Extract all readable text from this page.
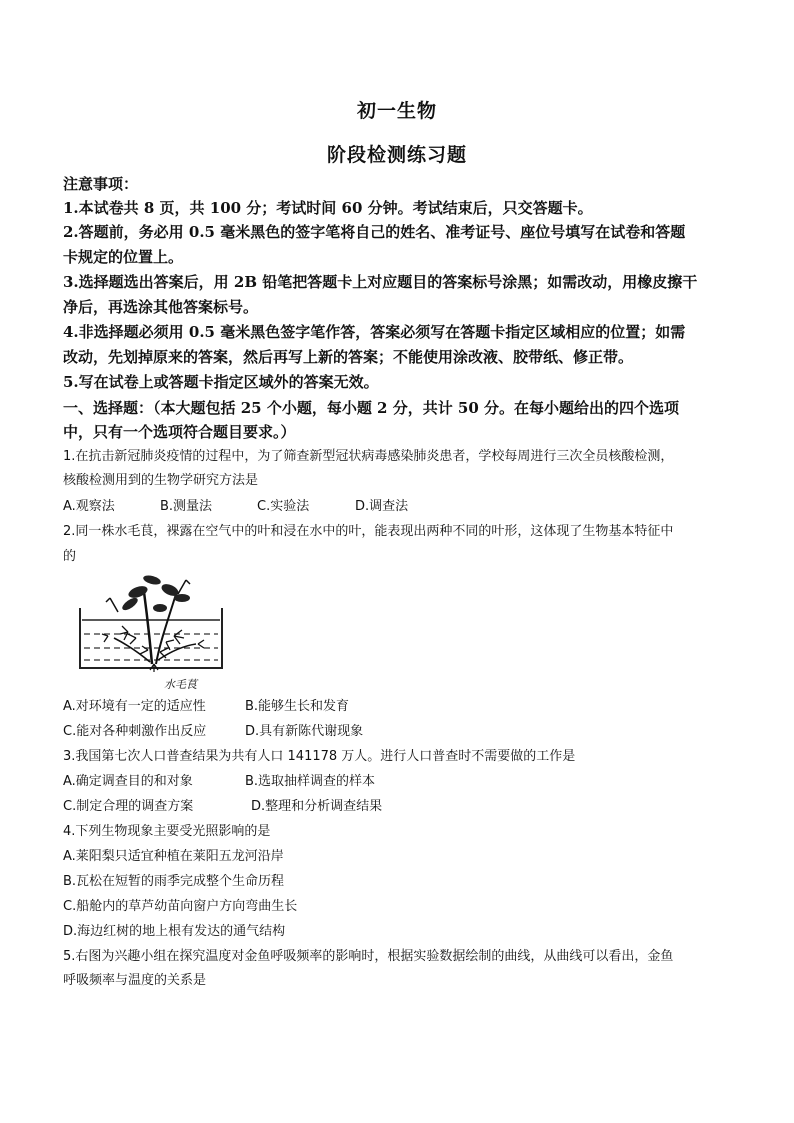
初一生物
阶段检测练习题
注意事项：
1.本试卷共 8 页，共 100 分；考试时间 60 分钟。考试结束后，只交答题卡。
2.答题前，务必用 0.5 毫米黑色的签字笔将自己的姓名、准考证号、座位号填写在试卷和答题
卡规定的位置上。
3.选择题选出答案后，用 2B 铅笔把答题卡上对应题目的答案标号涂黑；如需改动，用橡皮擦干
净后，再选涂其他答案标号。
4.非选择题必须用 0.5 毫米黑色签字笔作答，答案必须写在答题卡指定区域相应的位置；如需
改动，先划掉原来的答案，然后再写上新的答案；不能使用涂改液、胶带纸、修正带。
5.写在试卷上或答题卡指定区域外的答案无效。
一、选择题：（本大题包括 25 个小题，每小题 2 分，共计 50 分。在每小题给出的四个选项
中，只有一个选项符合题目要求。）
1.在抗击新冠肺炎疫情的过程中，为了筛查新型冠状病毒感染肺炎患者，学校每周进行三次全员核酸检测，
核酸检测用到的生物学研究方法是
A.观察法	B.测量法	C.实验法	D.调查法
2.同一株水毛茛，裸露在空气中的叶和浸在水中的叶，能表现出两种不同的叶形，这体现了生物基本特征中
的
水毛茛
A.对环境有一定的适应性	B.能够生长和发育
C.能对各种刺激作出反应	D.具有新陈代谢现象
3.我国第七次人口普查结果为共有人口 141178 万人。进行人口普查时不需要做的工作是
A.确定调查目的和对象	B.选取抽样调查的样本
C.制定合理的调查方案	D.整理和分析调查结果
4.下列生物现象主要受光照影响的是
A.莱阳梨只适宜种植在莱阳五龙河沿岸
B.瓦松在短暂的雨季完成整个生命历程
C.船舱内的草芦幼苗向窗户方向弯曲生长
D.海边红树的地上根有发达的通气结构
5.右图为兴趣小组在探究温度对金鱼呼吸频率的影响时，根据实验数据绘制的曲线，从曲线可以看出，金鱼
呼吸频率与温度的关系是
